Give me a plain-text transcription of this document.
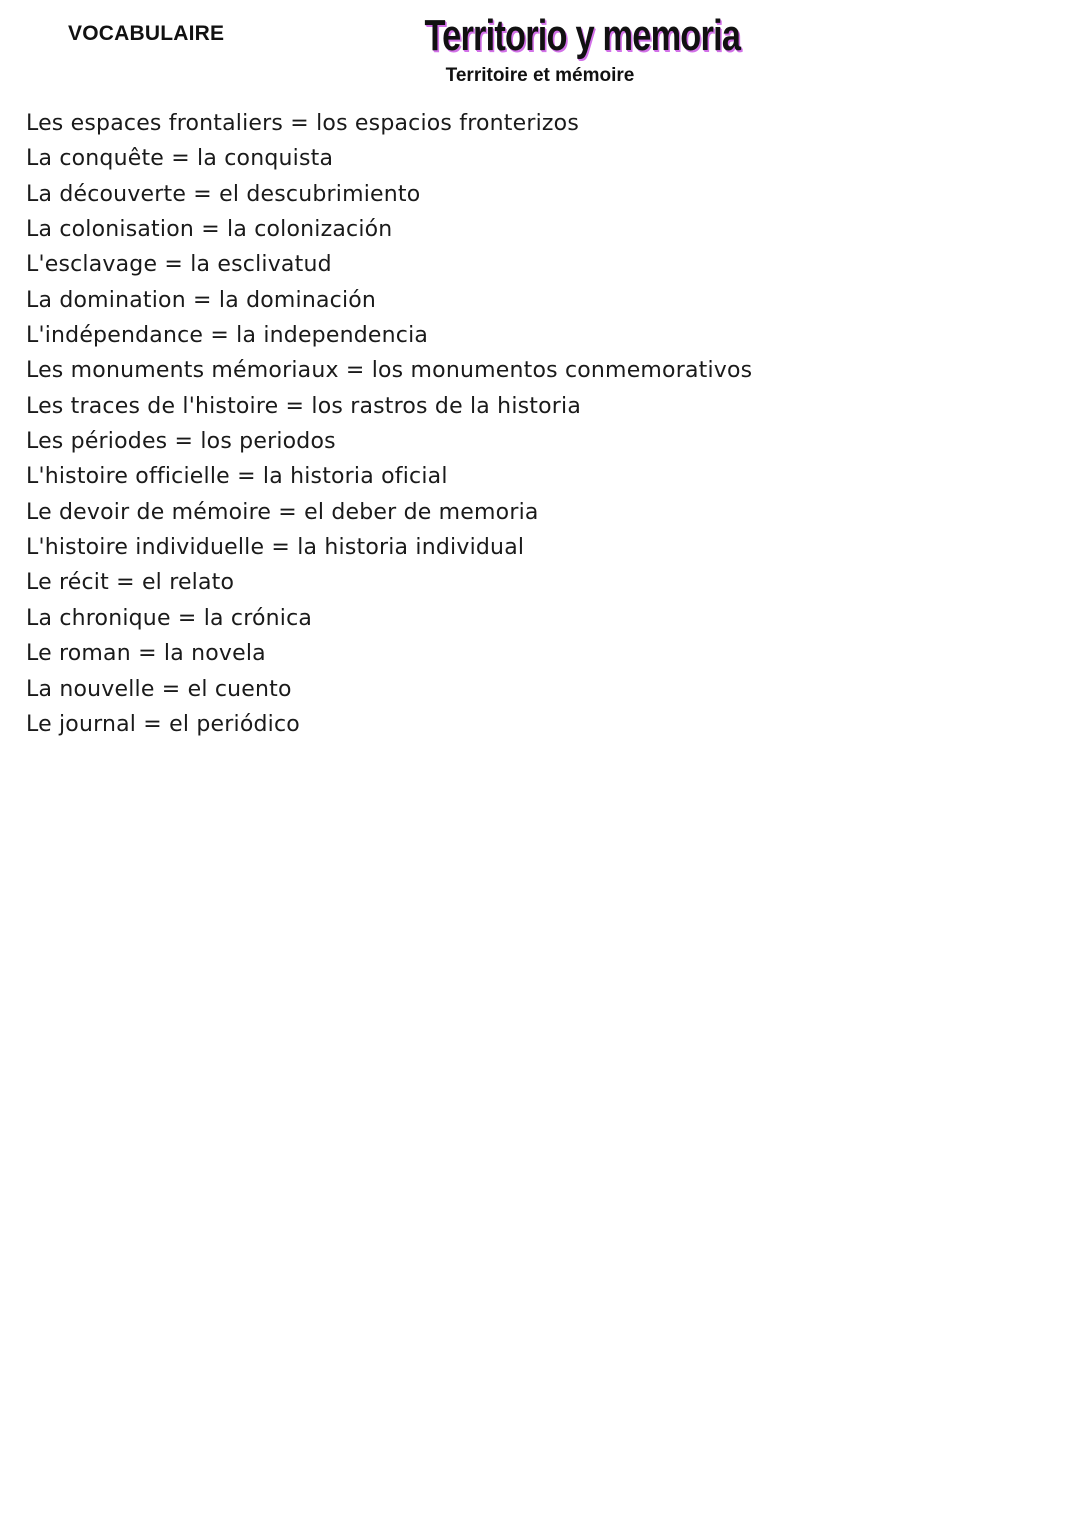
VOCABULAIRE	Territorio y memoria
Territoire et mémoire
Les espaces frontaliers = los espacios fronterizos
La conquête = la conquista
La découverte = el descubrimiento
La colonisation = la colonización
L'esclavage = la esclivatud
La domination = la dominación
L'indépendance = la independencia
Les monuments mémoriaux = los monumentos conmemorativos
Les traces de l'histoire = los rastros de la historia
Les périodes = los periodos
L'histoire officielle = la historia oficial
Le devoir de mémoire = el deber de memoria
L'histoire individuelle = la historia individual
Le récit = el relato
La chronique = la crónica
Le roman = la novela
La nouvelle = el cuento
Le journal = el periódico
